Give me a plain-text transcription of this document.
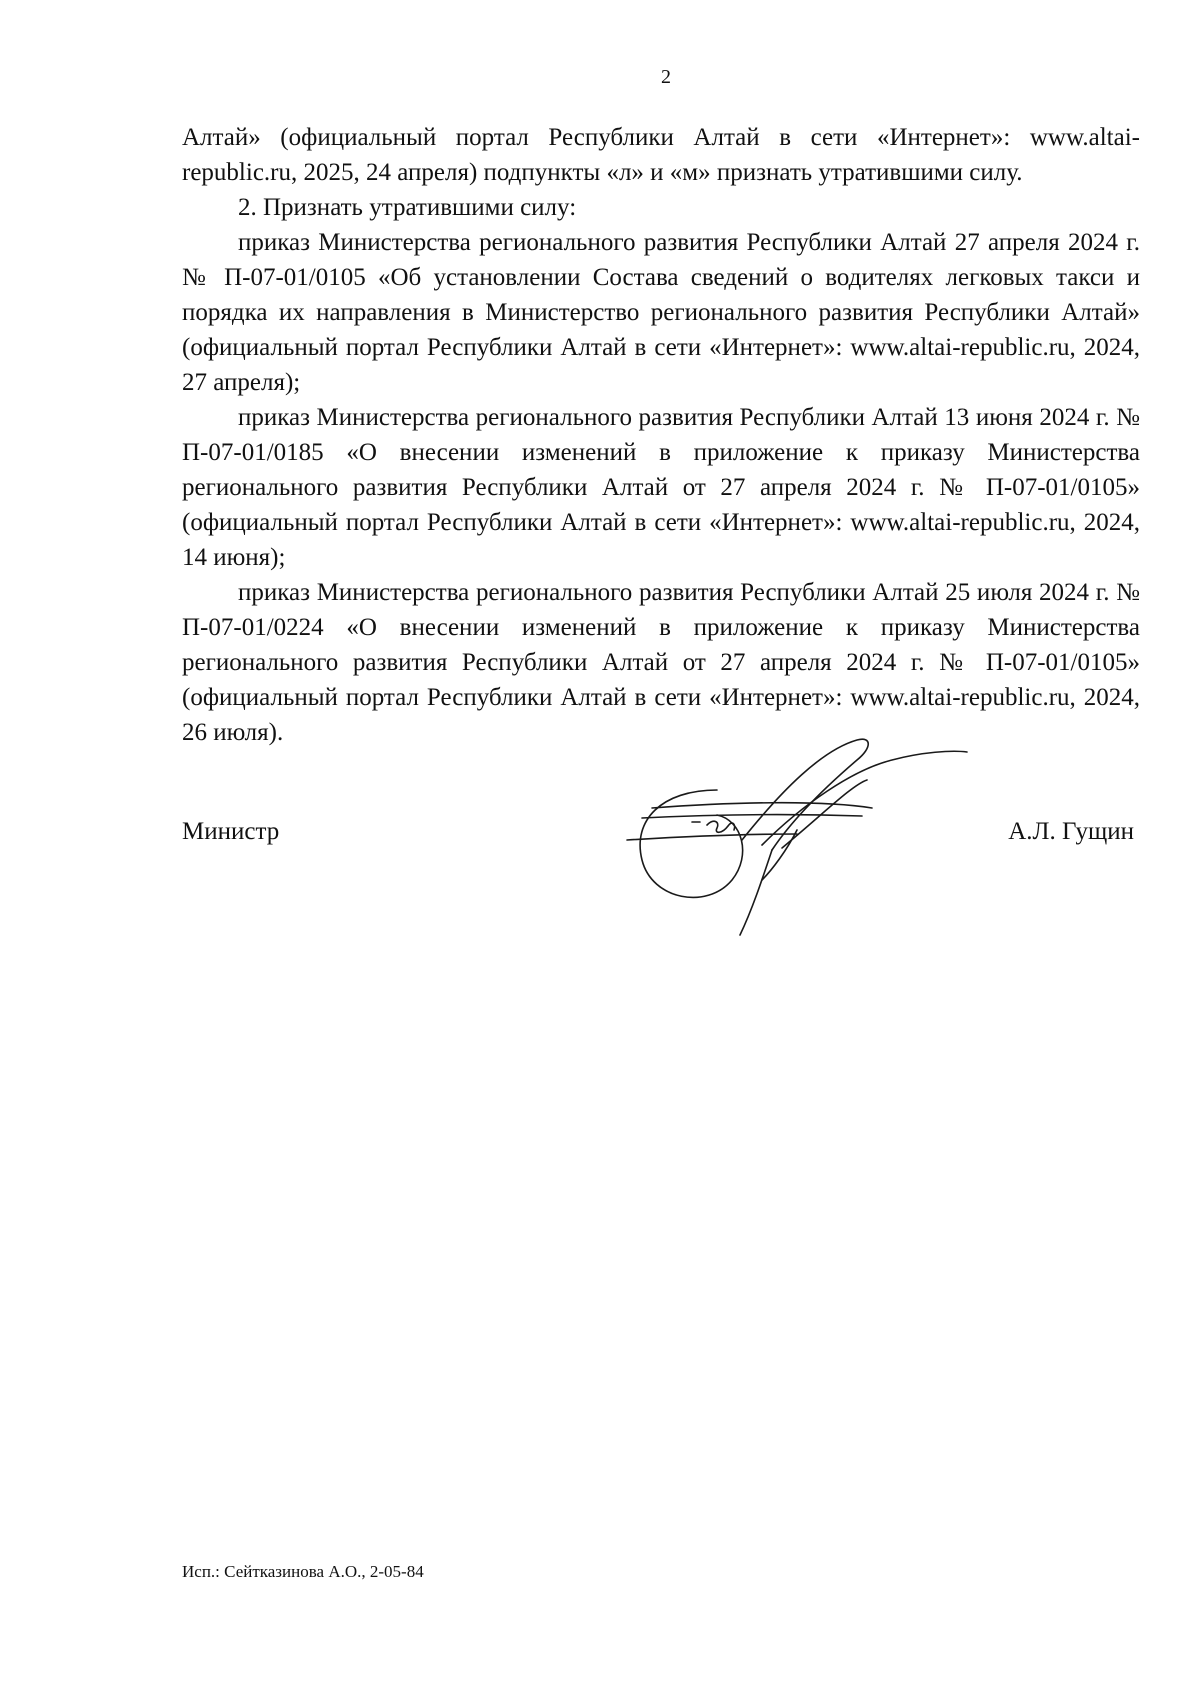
2

Алтай» (официальный портал Республики Алтай в сети «Интернет»: www.altai-republic.ru, 2025, 24 апреля) подпункты «л» и «м» признать утратившими силу.

2. Признать утратившими силу:

приказ Министерства регионального развития Республики Алтай 27 апреля 2024 г. № П-07-01/0105 «Об установлении Состава сведений о водителях легковых такси и порядка их направления в Министерство регионального развития Республики Алтай» (официальный портал Республики Алтай в сети «Интернет»: www.altai-republic.ru, 2024, 27 апреля);

приказ Министерства регионального развития Республики Алтай 13 июня 2024 г. № П-07-01/0185 «О внесении изменений в приложение к приказу Министерства регионального развития Республики Алтай от 27 апреля 2024 г. № П-07-01/0105» (официальный портал Республики Алтай в сети «Интернет»: www.altai-republic.ru, 2024, 14 июня);

приказ Министерства регионального развития Республики Алтай 25 июля 2024 г. № П-07-01/0224 «О внесении изменений в приложение к приказу Министерства регионального развития Республики Алтай от 27 апреля 2024 г. № П-07-01/0105» (официальный портал Республики Алтай в сети «Интернет»: www.altai-republic.ru, 2024, 26 июля).

Министр	А.Л. Гущин
Исп.: Сейтказинова А.О., 2-05-84
